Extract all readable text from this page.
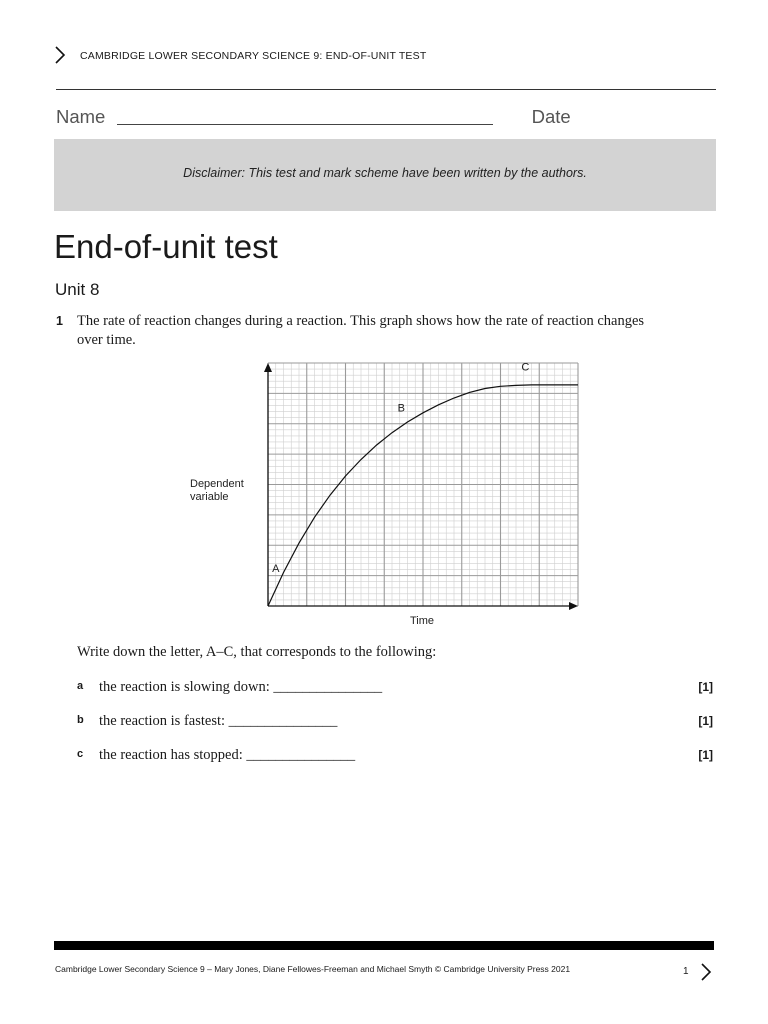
CAMBRIDGE LOWER SECONDARY SCIENCE 9: END-OF-UNIT TEST
Name	Date
Disclaimer: This test and mark scheme have been written by the authors.
End-of-unit test
Unit 8
1 The rate of reaction changes during a reaction. This graph shows how the rate of reaction changes over time.
Dependent
variable
Time
A
B
C
Write down the letter, A–C, that corresponds to the following:
a the reaction is slowing down: _______________	[1]
b the reaction is fastest: _______________	[1]
c the reaction has stopped: _______________	[1]
Cambridge Lower Secondary Science 9 – Mary Jones, Diane Fellowes-Freeman and Michael Smyth © Cambridge University Press 2021	1
